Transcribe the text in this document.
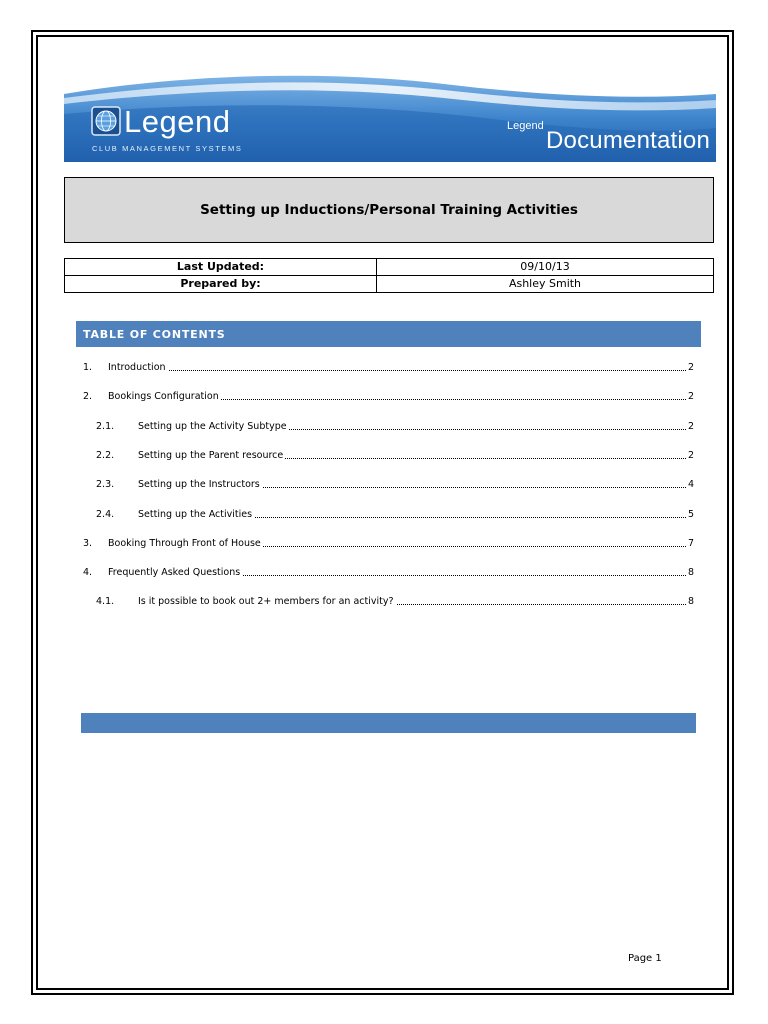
Legend
CLUB MANAGEMENT SYSTEMS
Legend
Documentation
Setting up Inductions/Personal Training Activities
Last Updated:	09/10/13
Prepared by:	Ashley Smith
TABLE OF CONTENTS
1. Introduction	2
2. Bookings Configuration	2
2.1.	Setting up the Activity Subtype	2
2.2.	Setting up the Parent resource	2
2.3.	Setting up the Instructors	4
2.4.	Setting up the Activities	5
3. Booking Through Front of House	7
4. Frequently Asked Questions	8
4.1.	Is it possible to book out 2+ members for an activity?	8
Page 1
